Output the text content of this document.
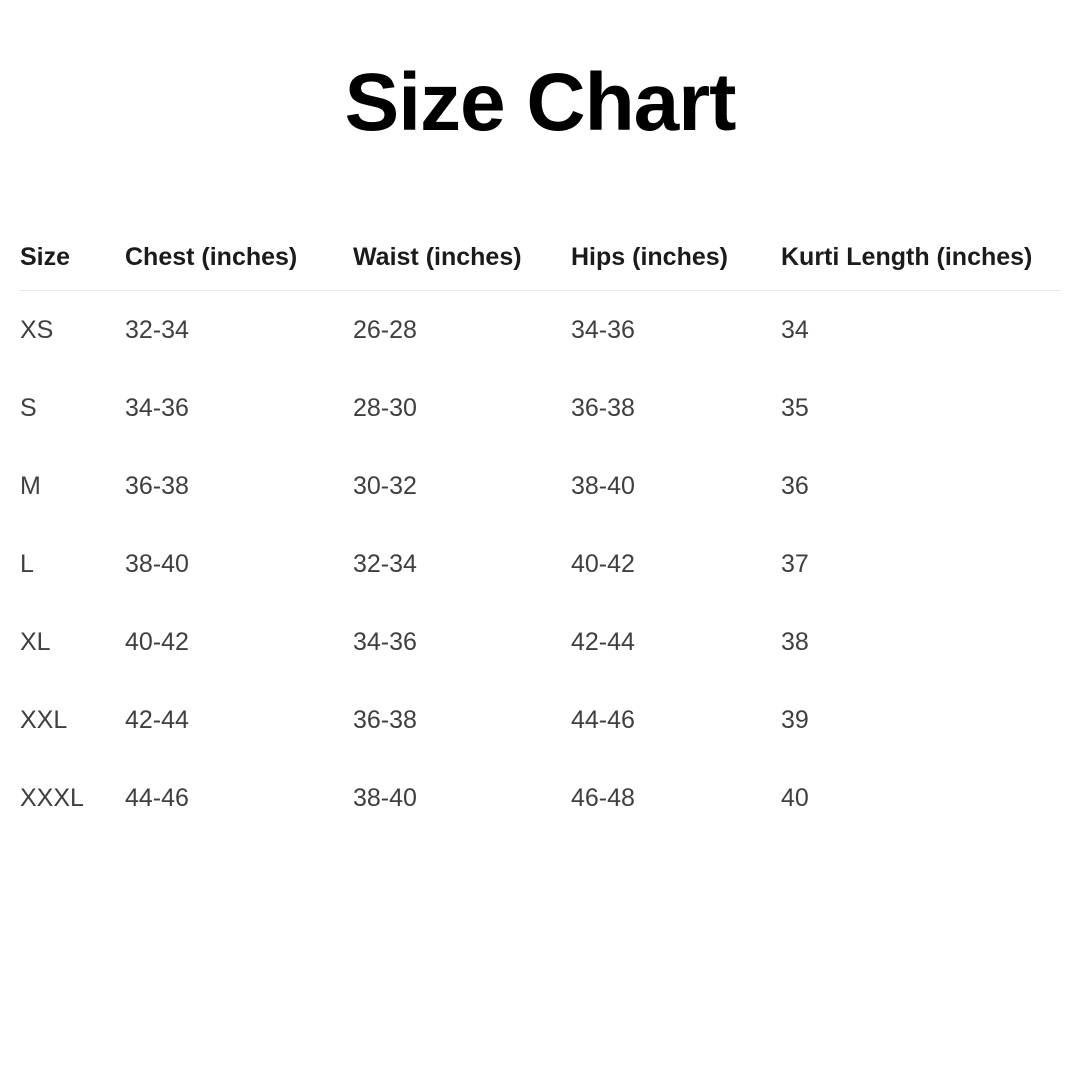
Size Chart
Size	Chest (inches)	Waist (inches)	Hips (inches)	Kurti Length (inches)
XS	32-34	26-28	34-36	34
S	34-36	28-30	36-38	35
M	36-38	30-32	38-40	36
L	38-40	32-34	40-42	37
XL	40-42	34-36	42-44	38
XXL	42-44	36-38	44-46	39
XXXL	44-46	38-40	46-48	40
